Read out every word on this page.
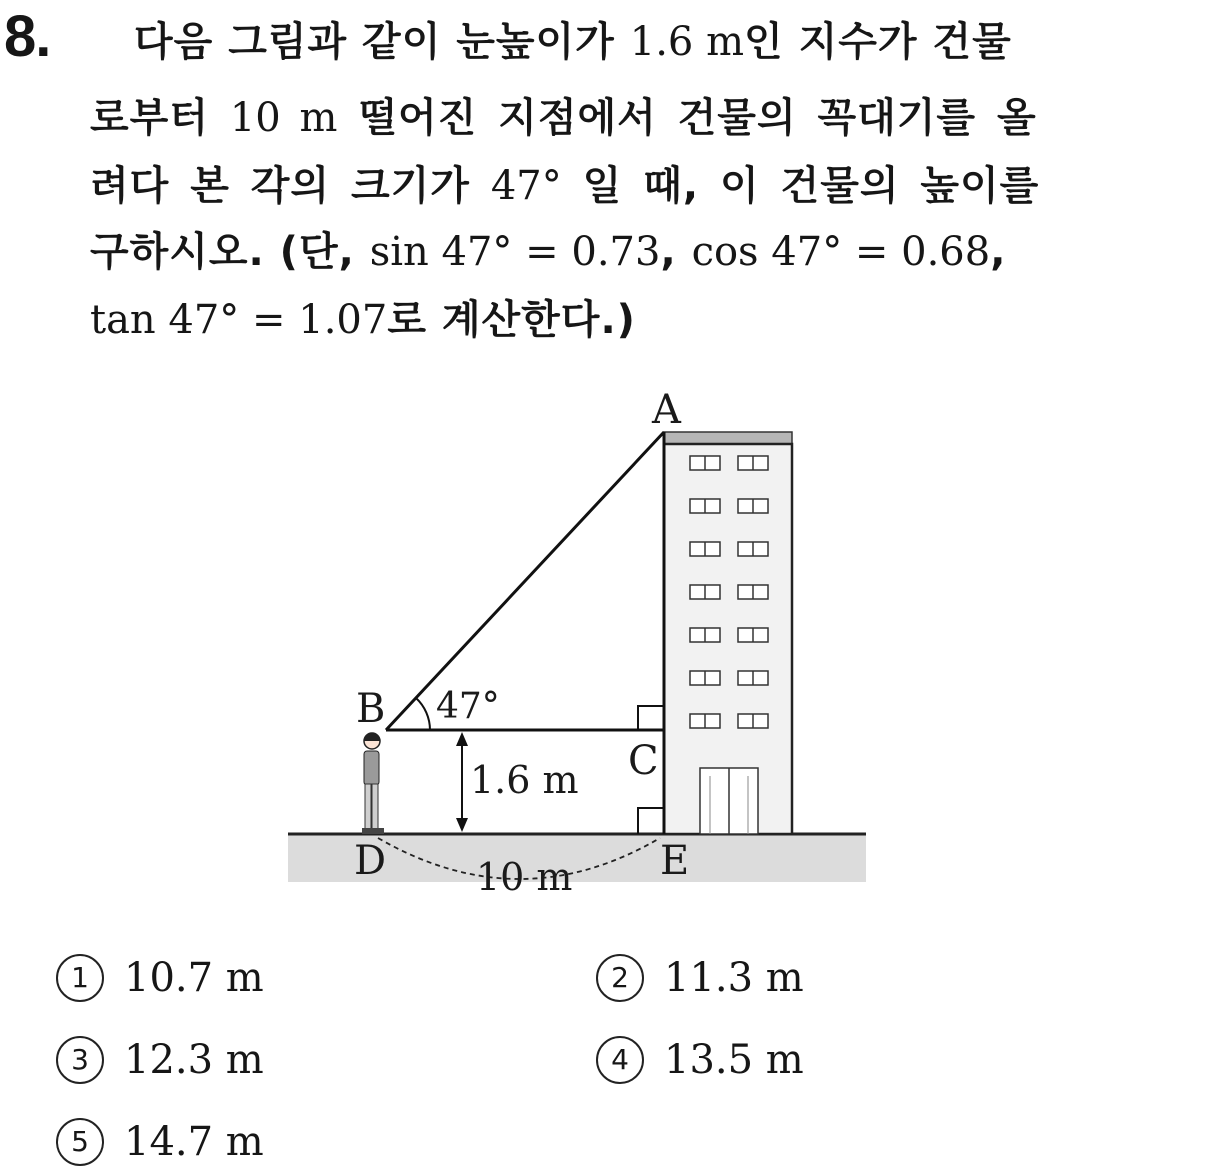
8. 다음 그림과 같이 눈높이가 1.6 m인 지수가 건물
로부터 10 m 떨어진 지점에서 건물의 꼭대기를 올
려다 본 각의 크기가 47° 일 때, 이 건물의 높이를
구하시오. (단, sin 47° = 0.73, cos 47° = 0.68,
tan 47° = 1.07로 계산한다.)
A
B
C
D	E
47°
1.6 m
10 m
1 10.7 m	2 11.3 m
3 12.3 m	4 13.5 m
5 14.7 m
